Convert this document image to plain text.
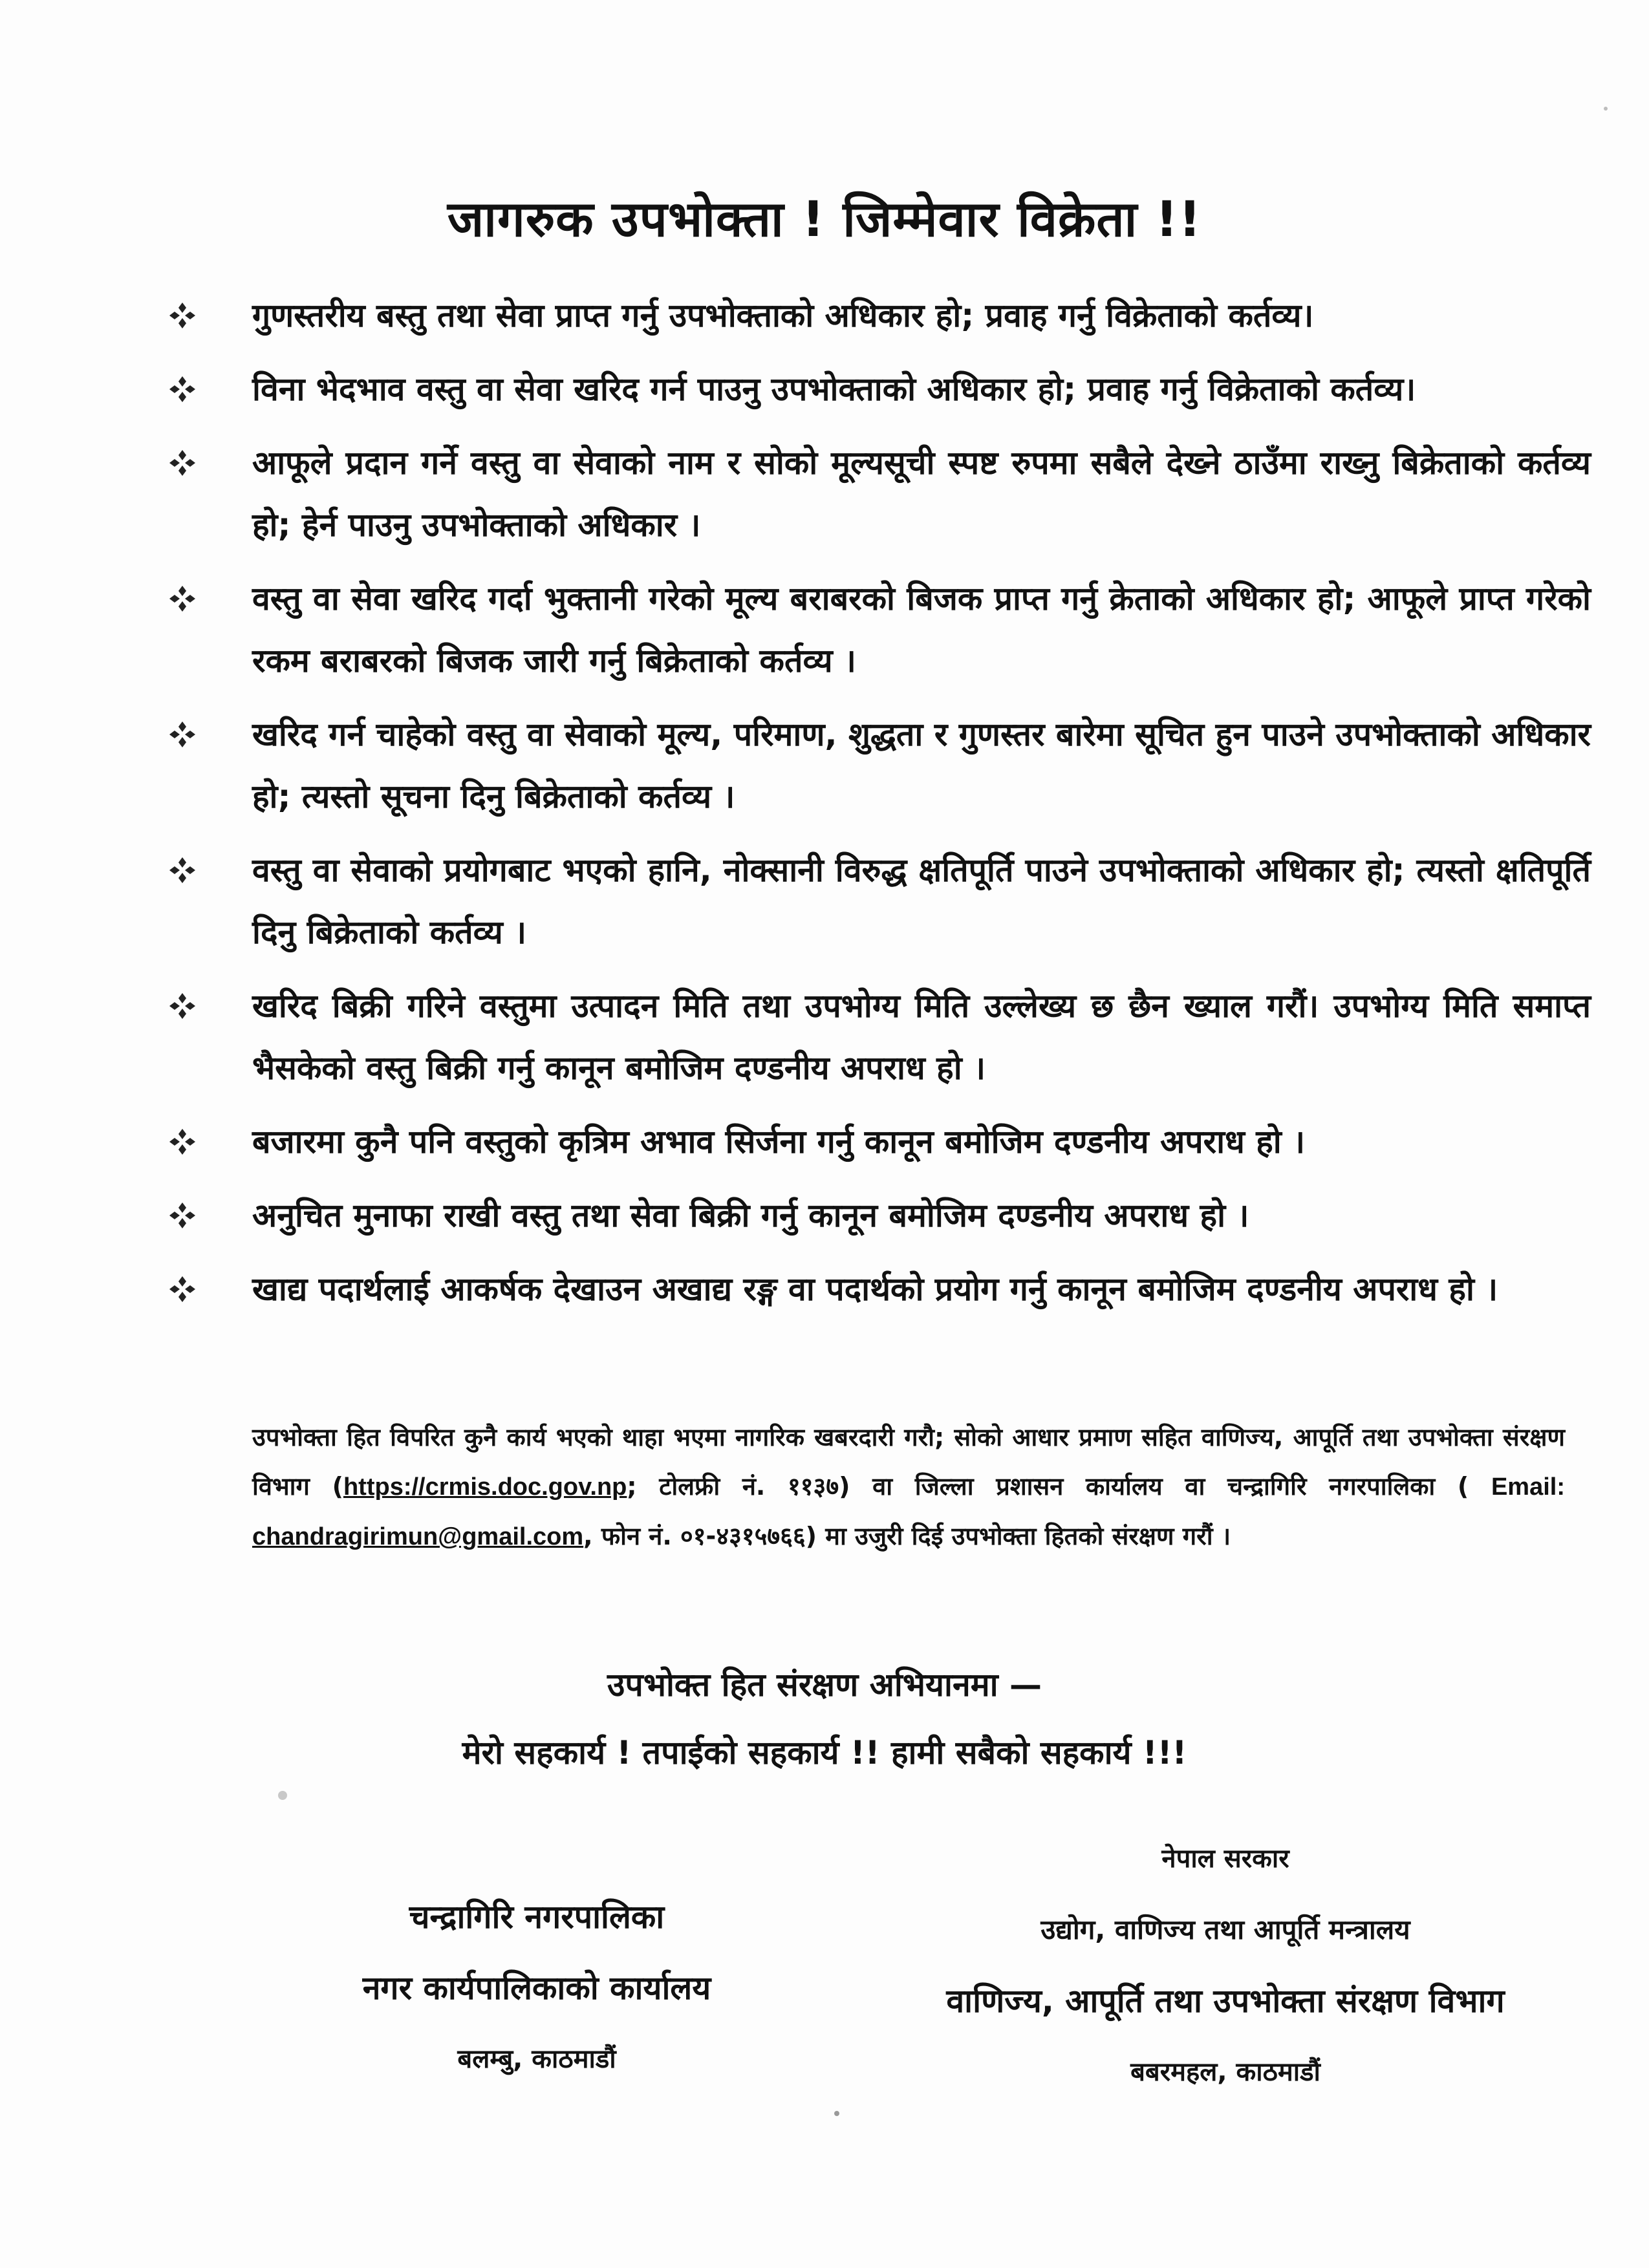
जागरुक उपभोक्ता ! जिम्मेवार विक्रेता !!
गुणस्तरीय बस्तु तथा सेवा प्राप्त गर्नु उपभोक्ताको अधिकार हो; प्रवाह गर्नु विक्रेताको कर्तव्य।
विना भेदभाव वस्तु वा सेवा खरिद गर्न पाउनु उपभोक्ताको अधिकार हो; प्रवाह गर्नु विक्रेताको कर्तव्य।
आफूले प्रदान गर्ने वस्तु वा सेवाको नाम र सोको मूल्यसूची स्पष्ट रुपमा सबैले देख्ने ठाउँमा राख्नु बिक्रेताको कर्तव्य हो; हेर्न पाउनु उपभोक्ताको अधिकार ।
वस्तु वा सेवा खरिद गर्दा भुक्तानी गरेको मूल्य बराबरको बिजक प्राप्त गर्नु क्रेताको अधिकार हो; आफूले प्राप्त गरेको रकम बराबरको बिजक जारी गर्नु बिक्रेताको कर्तव्य ।
खरिद गर्न चाहेको वस्तु वा सेवाको मूल्य, परिमाण, शुद्धता र गुणस्तर बारेमा सूचित हुन पाउने उपभोक्ताको अधिकार हो; त्यस्तो सूचना दिनु बिक्रेताको कर्तव्य ।
वस्तु वा सेवाको प्रयोगबाट भएको हानि, नोक्सानी विरुद्ध क्षतिपूर्ति पाउने उपभोक्ताको अधिकार हो; त्यस्तो क्षतिपूर्ति दिनु बिक्रेताको कर्तव्य ।
खरिद बिक्री गरिने वस्तुमा उत्पादन मिति तथा उपभोग्य मिति उल्लेख्य छ छैन ख्याल गरौं। उपभोग्य मिति समाप्त भैसकेको वस्तु बिक्री गर्नु कानून बमोजिम दण्डनीय अपराध हो ।
बजारमा कुनै पनि वस्तुको कृत्रिम अभाव सिर्जना गर्नु कानून बमोजिम दण्डनीय अपराध हो ।
अनुचित मुनाफा राखी वस्तु तथा सेवा बिक्री गर्नु कानून बमोजिम दण्डनीय अपराध हो ।
खाद्य पदार्थलाई आकर्षक देखाउन अखाद्य रङ्ग वा पदार्थको प्रयोग गर्नु कानून बमोजिम दण्डनीय अपराध हो ।
उपभोक्ता हित विपरित कुनै कार्य भएको थाहा भएमा नागरिक खबरदारी गरौ; सोको आधार प्रमाण सहित वाणिज्य, आपूर्ति तथा उपभोक्ता संरक्षण विभाग (https://crmis.doc.gov.np; टोलफ्री नं. ११३७) वा जिल्ला प्रशासन कार्यालय वा चन्द्रागिरि नगरपालिका ( Email: chandragirimun@gmail.com, फोन नं. ०१-४३१५७६६) मा उजुरी दिई उपभोक्ता हितको संरक्षण गरौं ।
उपभोक्त हित संरक्षण अभियानमा —
मेरो सहकार्य ! तपाईको सहकार्य !! हामी सबैको सहकार्य !!!
चन्द्रागिरि नगरपालिका
नगर कार्यपालिकाको कार्यालय
बलम्बु, काठमाडौं
नेपाल सरकार
उद्योग, वाणिज्य तथा आपूर्ति मन्त्रालय
वाणिज्य, आपूर्ति तथा उपभोक्ता संरक्षण विभाग
बबरमहल, काठमाडौं
